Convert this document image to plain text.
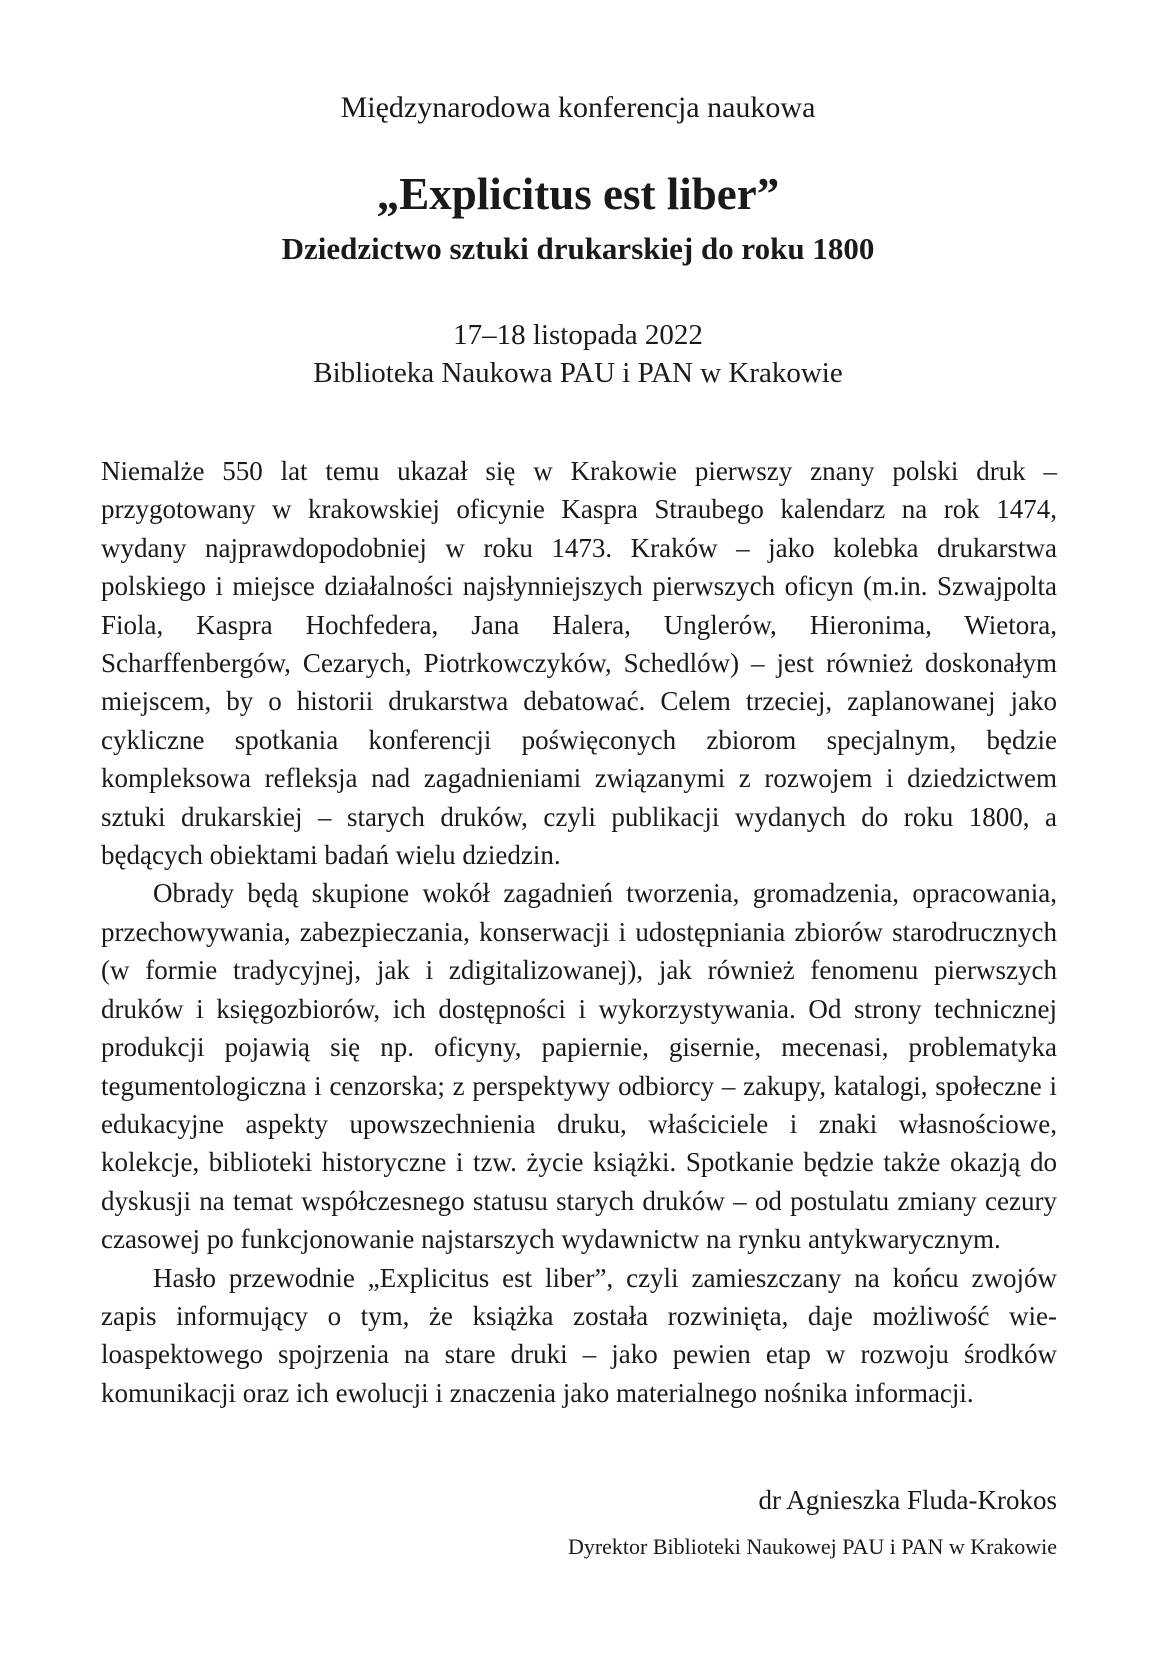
Międzynarodowa konferencja naukowa

„Explicitus est liber”
Dziedzictwo sztuki drukarskiej do roku 1800

17–18 listopada 2022

Biblioteka Naukowa PAU i PAN w Krakowie

Niemalże 550 lat temu ukazał się w Krakowie pierwszy znany polski druk – przygotowany w krakowskiej oficynie Kaspra Straubego kalendarz na rok 1474, wydany najprawdopodobniej w roku 1473. Kraków – jako kolebka drukarstwa polskiego i miejsce działalności najsłynniejszych pierwszych oficyn (m.in. Szwajpolta Fiola, Kaspra Hochfedera, Jana Halera, Unglerów, Hieronima, Wietora, Scharffenbergów, Cezarych, Piotrkowczyków, Schedlów) – jest również doskonałym miejscem, by o historii drukarstwa debatować. Celem trzeciej, zaplanowanej jako cykliczne spotkania konferencji poświęconych zbiorom specjalnym, będzie kompleksowa refleksja nad zagadnieniami związanymi z rozwojem i dziedzictwem sztuki drukarskiej – starych druków, czyli publikacji wydanych do roku 1800, a będących obiektami badań wielu dziedzin.

Obrady będą skupione wokół zagadnień tworzenia, gromadzenia, opracowania, przechowywania, zabezpieczania, konserwacji i udostępniania zbiorów starodrucznych (w formie tradycyjnej, jak i zdigitalizowanej), jak również fenomenu pierwszych druków i księgozbiorów, ich dostępności i wykorzystywania. Od strony technicznej produkcji pojawią się np. oficyny, papiernie, gisernie, mecenasi, problematyka tegumentologiczna i cenzorska; z perspektywy odbiorcy – zakupy, katalogi, społeczne i edukacyjne aspekty upowszechnienia druku, właściciele i znaki własnościowe, kolekcje, biblioteki historyczne i tzw. życie książki. Spotkanie będzie także okazją do dyskusji na temat współczesnego statusu starych druków – od postulatu zmiany cezury czasowej po funkcjonowanie najstarszych wydawnictw na rynku antykwarycznym.

Hasło przewodnie „Explicitus est liber”, czyli zamieszczany na końcu zwojów zapis informujący o tym, że książka została rozwinięta, daje możliwość wieloaspektowego spojrzenia na stare druki – jako pewien etap w rozwoju środków komunikacji oraz ich ewolucji i znaczenia jako materialnego nośnika informacji.

dr Agnieszka Fluda-Krokos

Dyrektor Biblioteki Naukowej PAU i PAN w Krakowie
